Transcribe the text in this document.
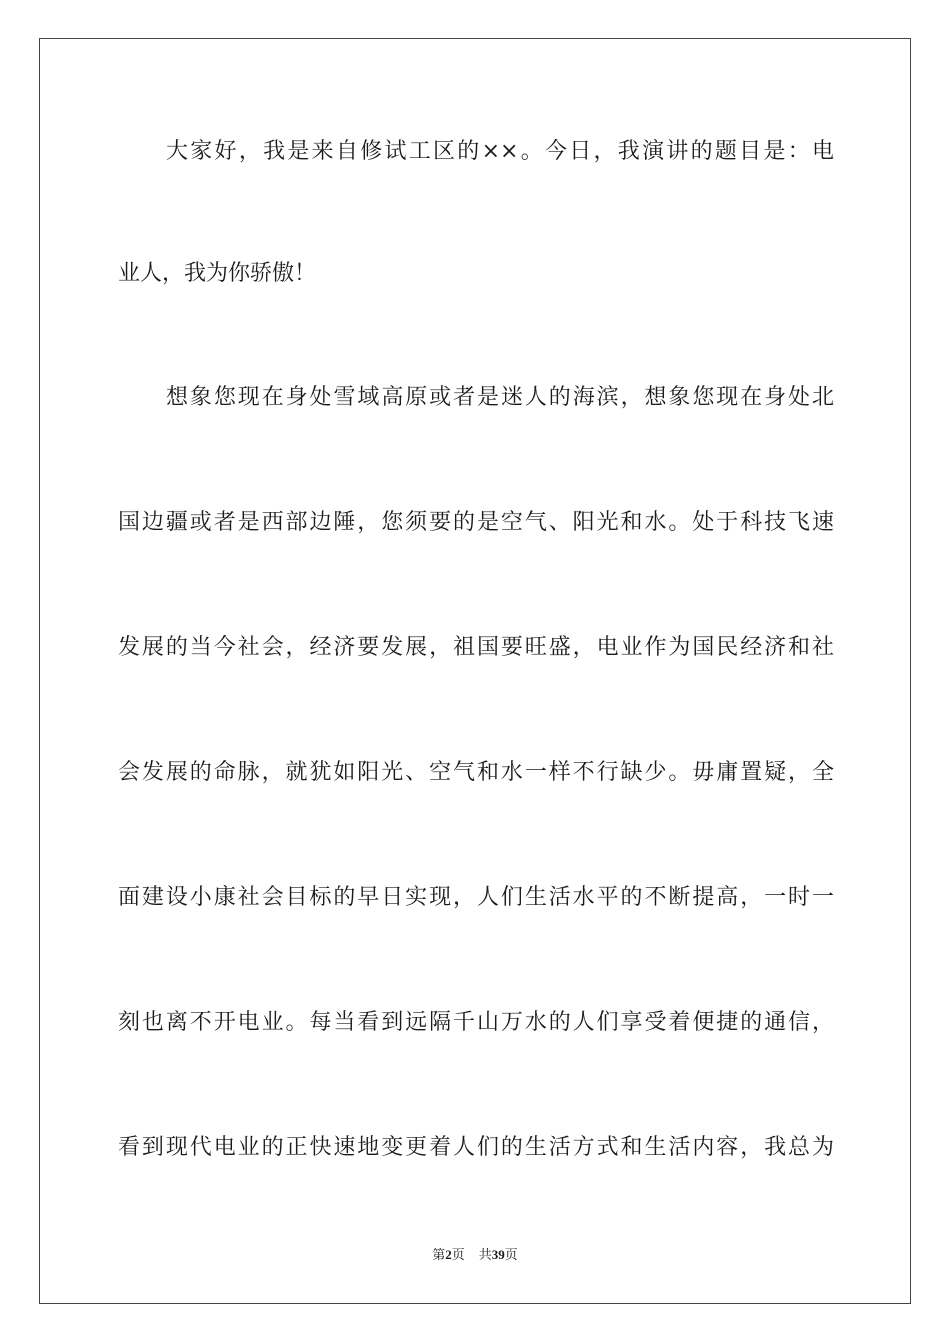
大家好，我是来自修试工区的××。今日，我演讲的题目是：电
业人，我为你骄傲！
想象您现在身处雪域高原或者是迷人的海滨，想象您现在身处北
国边疆或者是西部边陲，您须要的是空气、阳光和水。处于科技飞速
发展的当今社会，经济要发展，祖国要旺盛，电业作为国民经济和社
会发展的命脉，就犹如阳光、空气和水一样不行缺少。毋庸置疑，全
面建设小康社会目标的早日实现，人们生活水平的不断提高，一时一
刻也离不开电业。每当看到远隔千山万水的人们享受着便捷的通信，
看到现代电业的正快速地变更着人们的生活方式和生活内容，我总为
第2页 共39页
